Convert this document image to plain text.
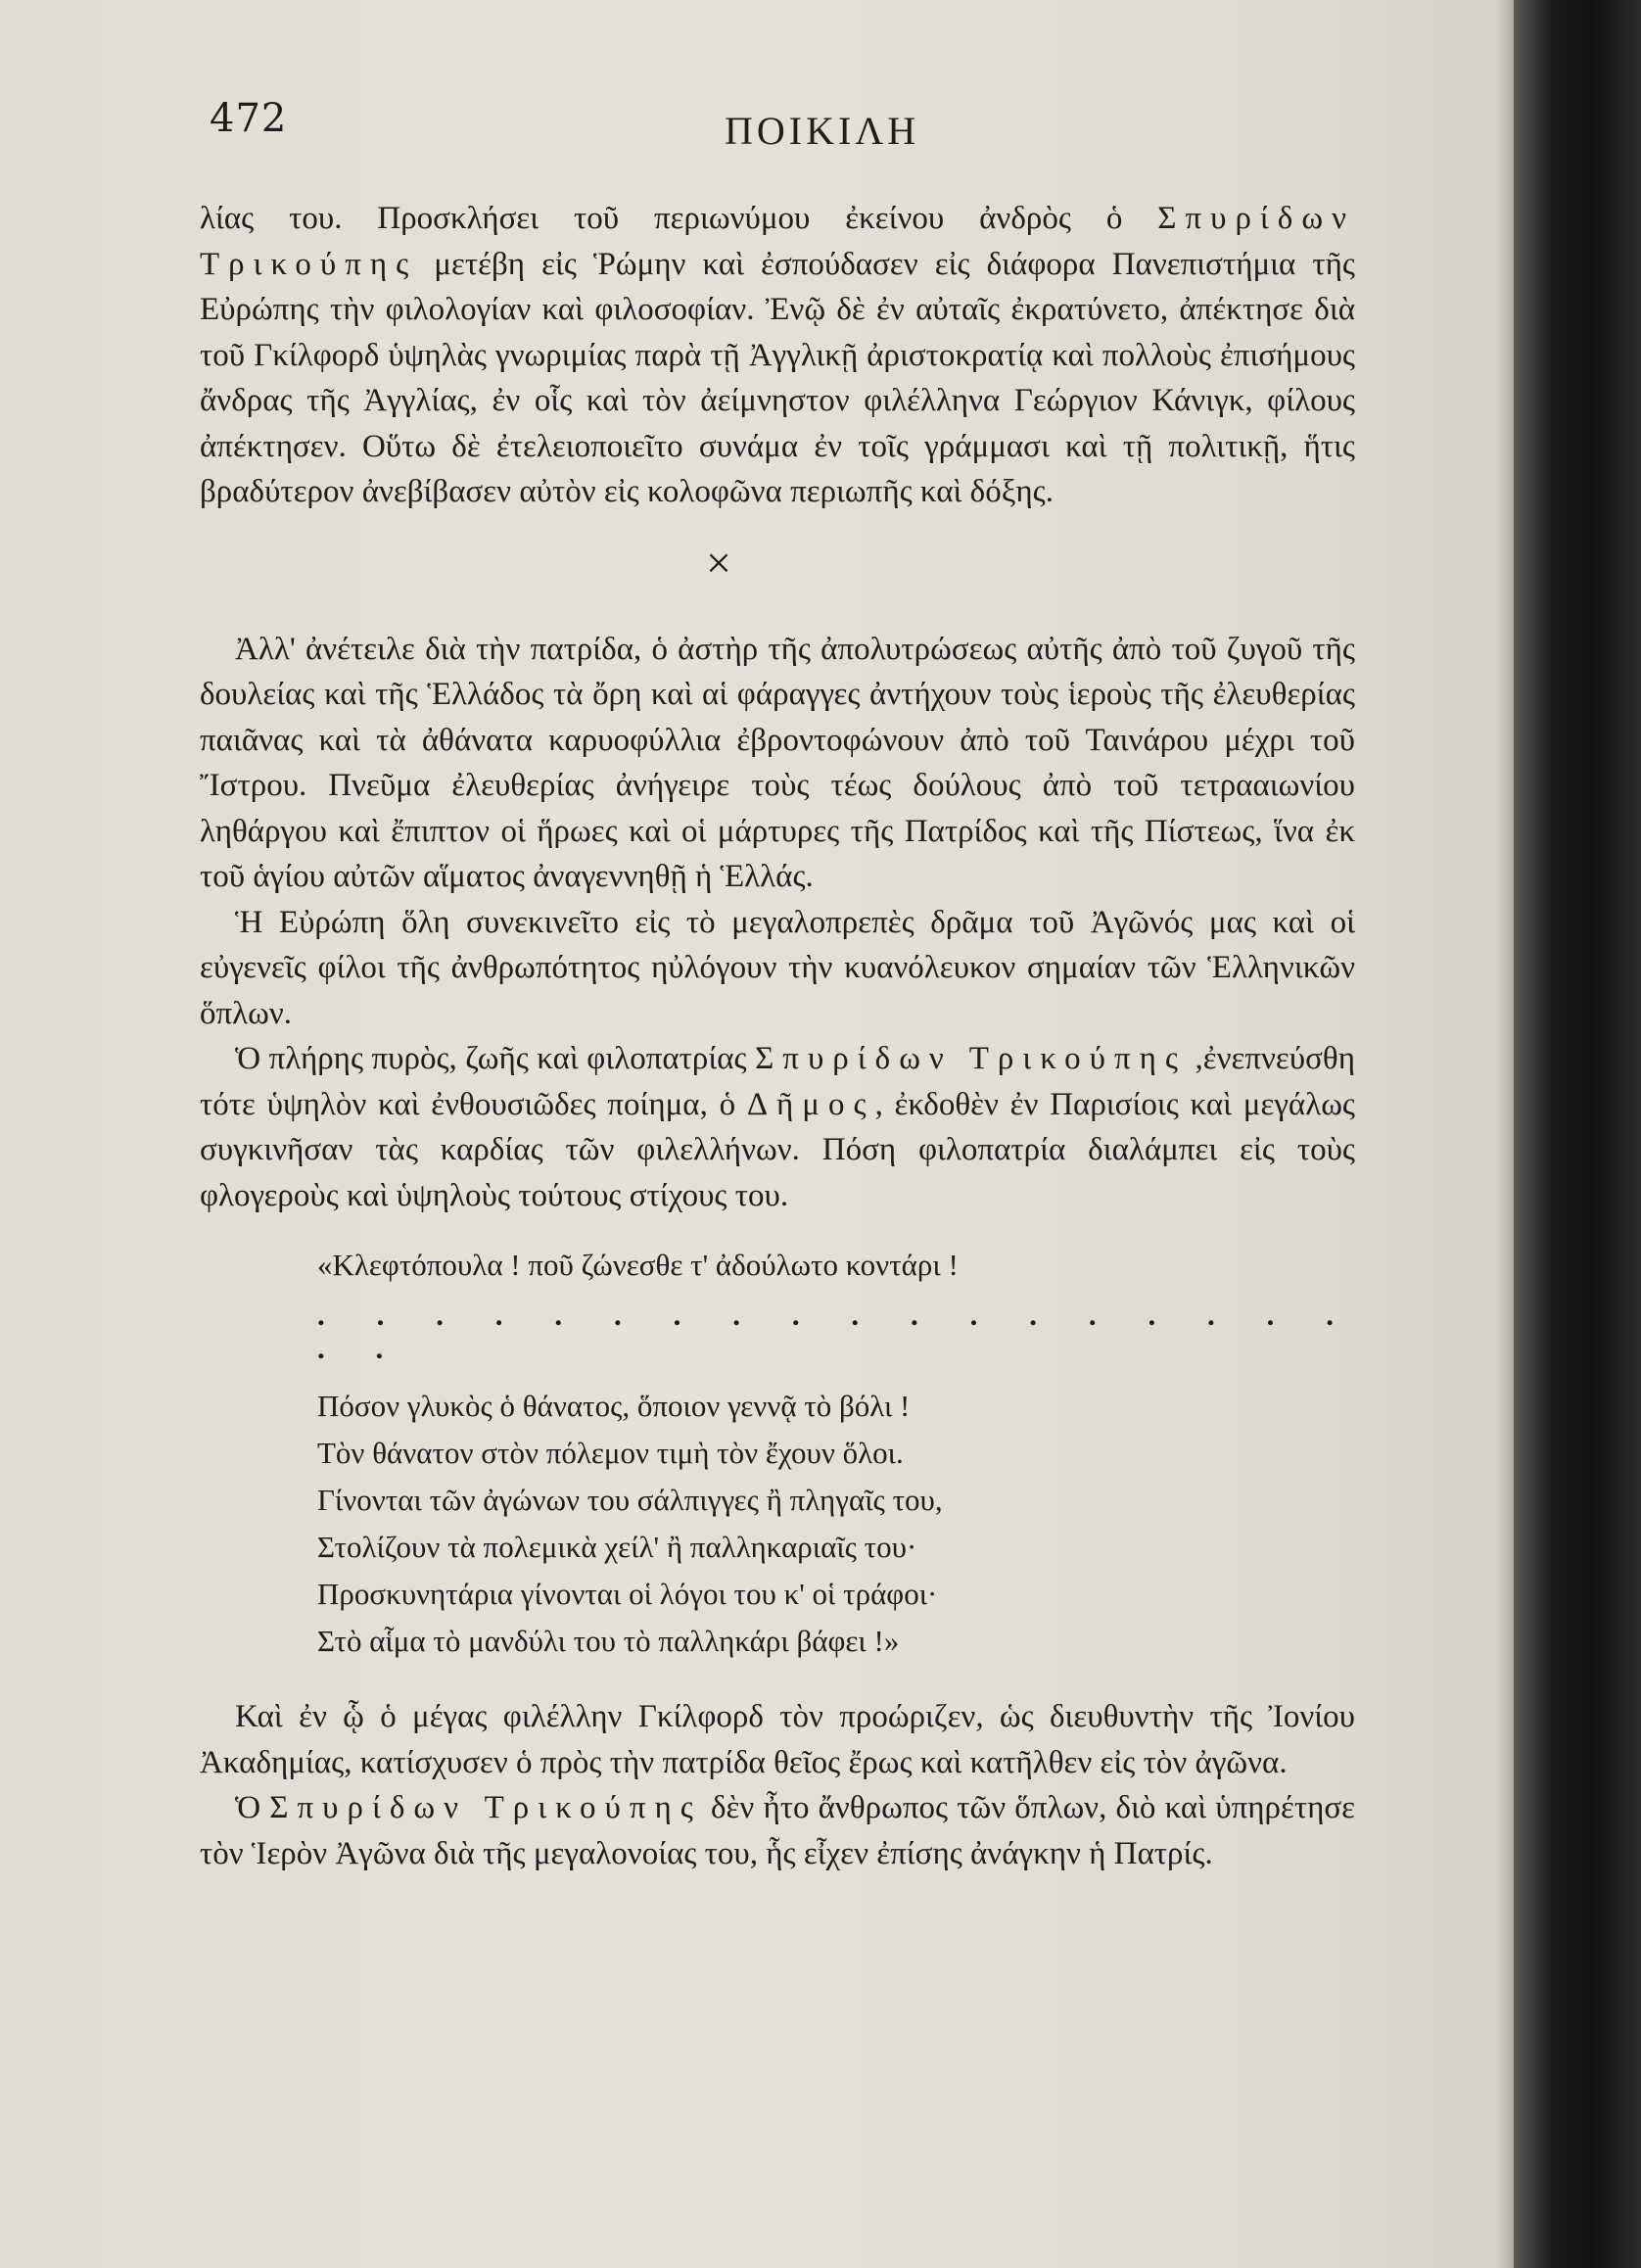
472	ΠΟΙΚΙΛΗ

λίας του. Προσκλήσει τοῦ περιωνύμου ἐκείνου ἀνδρὸς ὁ Σπυρίδων Τρικούπης μετέβη εἰς Ῥώμην καὶ ἐσπούδασεν εἰς διάφορα Πανεπιστήμια τῆς Εὐρώπης τὴν φιλολογίαν καὶ φιλοσοφίαν. Ἐνῷ δὲ ἐν αὐταῖς ἐκρατύνετο, ἀπέκτησε διὰ τοῦ Γκίλφορδ ὑψηλὰς γνωριμίας παρὰ τῇ Ἀγγλικῇ ἀριστοκρατίᾳ καὶ πολλοὺς ἐπισήμους ἄνδρας τῆς Ἀγγλίας, ἐν οἷς καὶ τὸν ἀείμνηστον φιλέλληνα Γεώργιον Κάνιγκ, φίλους ἀπέκτησεν. Οὕτω δὲ ἐτελειοποιεῖτο συνάμα ἐν τοῖς γράμμασι καὶ τῇ πολιτικῇ, ἥτις βραδύτερον ἀνεβίβασεν αὐτὸν εἰς κολοφῶνα περιωπῆς καὶ δόξης.

×

Ἀλλ' ἀνέτειλε διὰ τὴν πατρίδα, ὁ ἀστὴρ τῆς ἀπολυτρώσεως αὐτῆς ἀπὸ τοῦ ζυγοῦ τῆς δουλείας καὶ τῆς Ἑλλάδος τὰ ὄρη καὶ αἱ φάραγγες ἀντήχουν τοὺς ἱεροὺς τῆς ἐλευθερίας παιᾶνας καὶ τὰ ἀθάνατα καρυοφύλλια ἐβροντοφώνουν ἀπὸ τοῦ Ταινάρου μέχρι τοῦ Ἴστρου. Πνεῦμα ἐλευθερίας ἀνήγειρε τοὺς τέως δούλους ἀπὸ τοῦ τετρααιωνίου ληθάργου καὶ ἔπιπτον οἱ ἥρωες καὶ οἱ μάρτυρες τῆς Πατρίδος καὶ τῆς Πίστεως, ἵνα ἐκ τοῦ ἁγίου αὐτῶν αἵματος ἀναγεννηθῇ ἡ Ἑλλάς.

Ἡ Εὐρώπη ὅλη συνεκινεῖτο εἰς τὸ μεγαλοπρεπὲς δρᾶμα τοῦ Ἀγῶνός μας καὶ οἱ εὐγενεῖς φίλοι τῆς ἀνθρωπότητος ηὐλόγουν τὴν κυανόλευκον σημαίαν τῶν Ἑλληνικῶν ὅπλων.

Ὁ πλήρης πυρὸς, ζωῆς καὶ φιλοπατρίας Σπυρίδων Τρικούπης ,ἐνεπνεύσθη τότε ὑψηλὸν καὶ ἐνθουσιῶδες ποίημα, ὁ Δῆμος, ἐκδοθὲν ἐν Παρισίοις καὶ μεγάλως συγκινῆσαν τὰς καρδίας τῶν φιλελλήνων. Πόση φιλοπατρία διαλάμπει εἰς τοὺς φλογεροὺς καὶ ὑψηλοὺς τούτους στίχους του.

«Κλεφτόπουλα ! ποῦ ζώνεσθε τ' ἀδούλωτο κοντάρι !
. . . . . . . . . . . . . . . . . . . .
Πόσον γλυκὸς ὁ θάνατος, ὅποιον γεννᾷ τὸ βόλι !
Τὸν θάνατον στὸν πόλεμον τιμὴ τὸν ἔχουν ὅλοι.
Γίνονται τῶν ἀγώνων του σάλπιγγες ἢ πληγαῖς του,
Στολίζουν τὰ πολεμικὰ χείλ' ἢ παλληκαριαῖς του·
Προσκυνητάρια γίνονται οἱ λόγοι του κ' οἱ τράφοι·
Στὸ αἷμα τὸ μανδύλι του τὸ παλληκάρι βάφει !»

Καὶ ἐν ᾧ ὁ μέγας φιλέλλην Γκίλφορδ τὸν προώριζεν, ὡς διευθυντὴν τῆς Ἰονίου Ἀκαδημίας, κατίσχυσεν ὁ πρὸς τὴν πατρίδα θεῖος ἔρως καὶ κατῆλθεν εἰς τὸν ἀγῶνα.

Ὁ Σπυρίδων Τρικούπης δὲν ἦτο ἄνθρωπος τῶν ὅπλων, διὸ καὶ ὑπηρέτησε τὸν Ἱερὸν Ἀγῶνα διὰ τῆς μεγαλονοίας του, ἧς εἶχεν ἐπίσης ἀνάγκην ἡ Πατρίς.
